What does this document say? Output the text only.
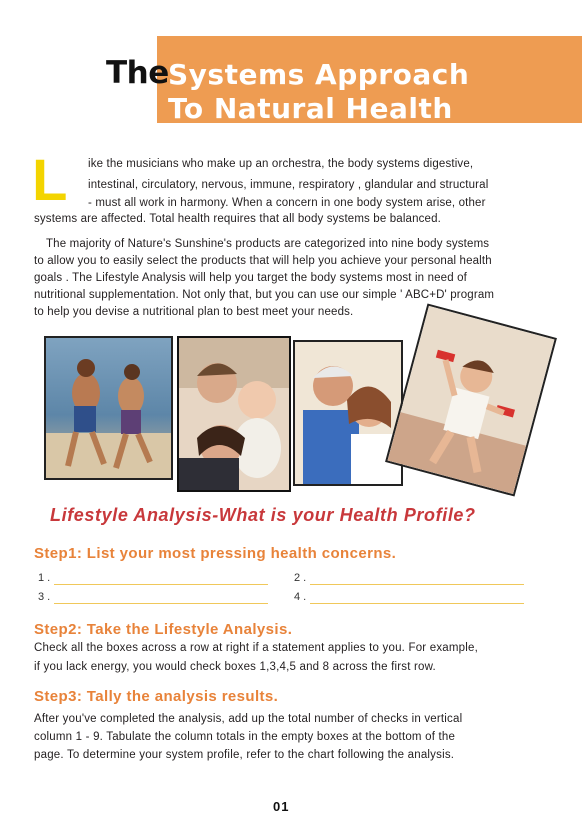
The Systems Approach
To Natural Health
L ike the musicians who make up an orchestra, the body systems digestive,
intestinal, circulatory, nervous, immune, respiratory , glandular and structural
- must all work in harmony. When a concern in one body system arise, other
systems are affected. Total health requires that all body systems be balanced.
The majority of Nature's Sunshine's products are categorized into nine body systems
to allow you to easily select the products that will help you achieve your personal health
goals . The Lifestyle Analysis will help you target the body systems most in need of
nutritional supplementation. Not only that, but you can use our simple ' ABC+D' program
to help you devise a nutritional plan to best meet your needs.
Lifestyle Analysis-What is your Health Profile?
Step1: List your most pressing health concerns.
1 .	2 .
3 .	4 .
Step2: Take the Lifestyle Analysis.
Check all the boxes across a row at right if a statement applies to you. For example,
if you lack energy, you would check boxes 1,3,4,5 and 8 across the first row.
Step3: Tally the analysis results.
After you've completed the analysis, add up the total number of checks in vertical
column 1 - 9. Tabulate the column totals in the empty boxes at the bottom of the
page. To determine your system profile, refer to the chart following the analysis.
01
